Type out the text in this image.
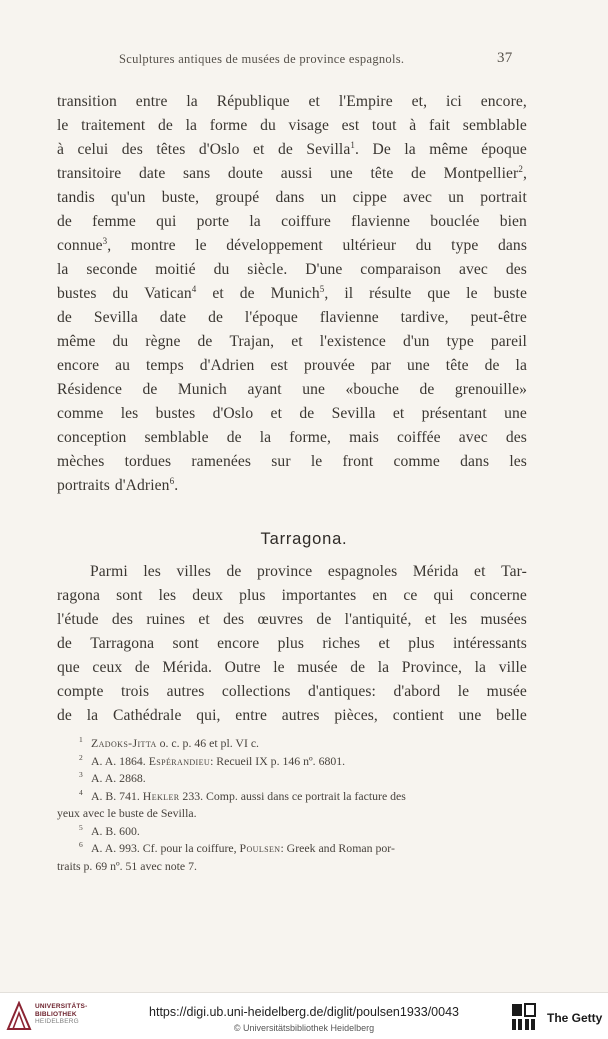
Sculptures antiques de musées de province espagnols.	37
transition entre la République et l'Empire et, ici encore,
le traitement de la forme du visage est tout à fait semblable
à celui des têtes d'Oslo et de Sevilla$^1$. De la même époque
transitoire date sans doute aussi une tête de Montpellier$^2$,
tandis qu'un buste, groupé dans un cippe avec un portrait
de femme qui porte la coiffure flavienne bouclée bien
connue$^3$, montre le développement ultérieur du type dans
la seconde moitié du siècle. D'une comparaison avec des
bustes du Vatican$^4$ et de Munich$^5$, il résulte que le buste
de Sevilla date de l'époque flavienne tardive, peut-être
même du règne de Trajan, et l'existence d'un type pareil
encore au temps d'Adrien est prouvée par une tête de la
Résidence de Munich ayant une «bouche de grenouille»
comme les bustes d'Oslo et de Sevilla et présentant une
conception semblable de la forme, mais coiffée avec des
mèches tordues ramenées sur le front comme dans les
portraits d'Adrien$^6$.
Tarragona.
Parmi les villes de province espagnoles Mérida et Tar-
ragona sont les deux plus importantes en ce qui concerne
l'étude des ruines et des œuvres de l'antiquité, et les musées
de Tarragona sont encore plus riches et plus intéressants
que ceux de Mérida. Outre le musée de la Province, la ville
compte trois autres collections d'antiques: d'abord le musée
de la Cathédrale qui, entre autres pièces, contient une belle
1 Zadoks-Jitta o. c. p. 46 et pl. VI c.
2 A. A. 1864. Espérandieu: Recueil IX p. 146 nº. 6801.
3 A. A. 2868.
4 A. B. 741. Hekler 233. Comp. aussi dans ce portrait la facture des
yeux avec le buste de Sevilla.
5 A. B. 600.
6 A. A. 993. Cf. pour la coiffure, Poulsen: Greek and Roman por-
traits p. 69 nº. 51 avec note 7.
UNIVERSITÄTS-
BIBLIOTHEK
HEIDELBERG
https://digi.ub.uni-heidelberg.de/diglit/poulsen1933/0043
© Universitätsbibliothek Heidelberg
The Getty
